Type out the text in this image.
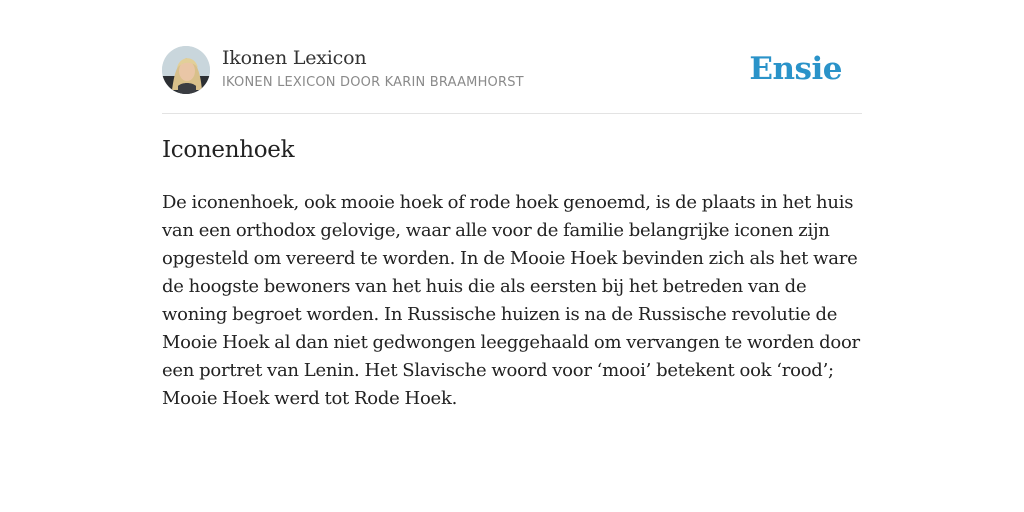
Ikonen Lexicon
IKONEN LEXICON DOOR KARIN BRAAMHORST	Ensie
Iconenhoek

De iconenhoek, ook mooie hoek of rode hoek genoemd, is de plaats in het huis van een orthodox gelovige, waar alle voor de familie belangrijke iconen zijn opgesteld om vereerd te worden. In de Mooie Hoek bevinden zich als het ware de hoogste bewoners van het huis die als eersten bij het betreden van de woning begroet worden. In Russische huizen is na de Russische revolutie de Mooie Hoek al dan niet gedwongen leeggehaald om vervangen te worden door een portret van Lenin. Het Slavische woord voor ‘mooi’ betekent ook ‘rood’; Mooie Hoek werd tot Rode Hoek.
